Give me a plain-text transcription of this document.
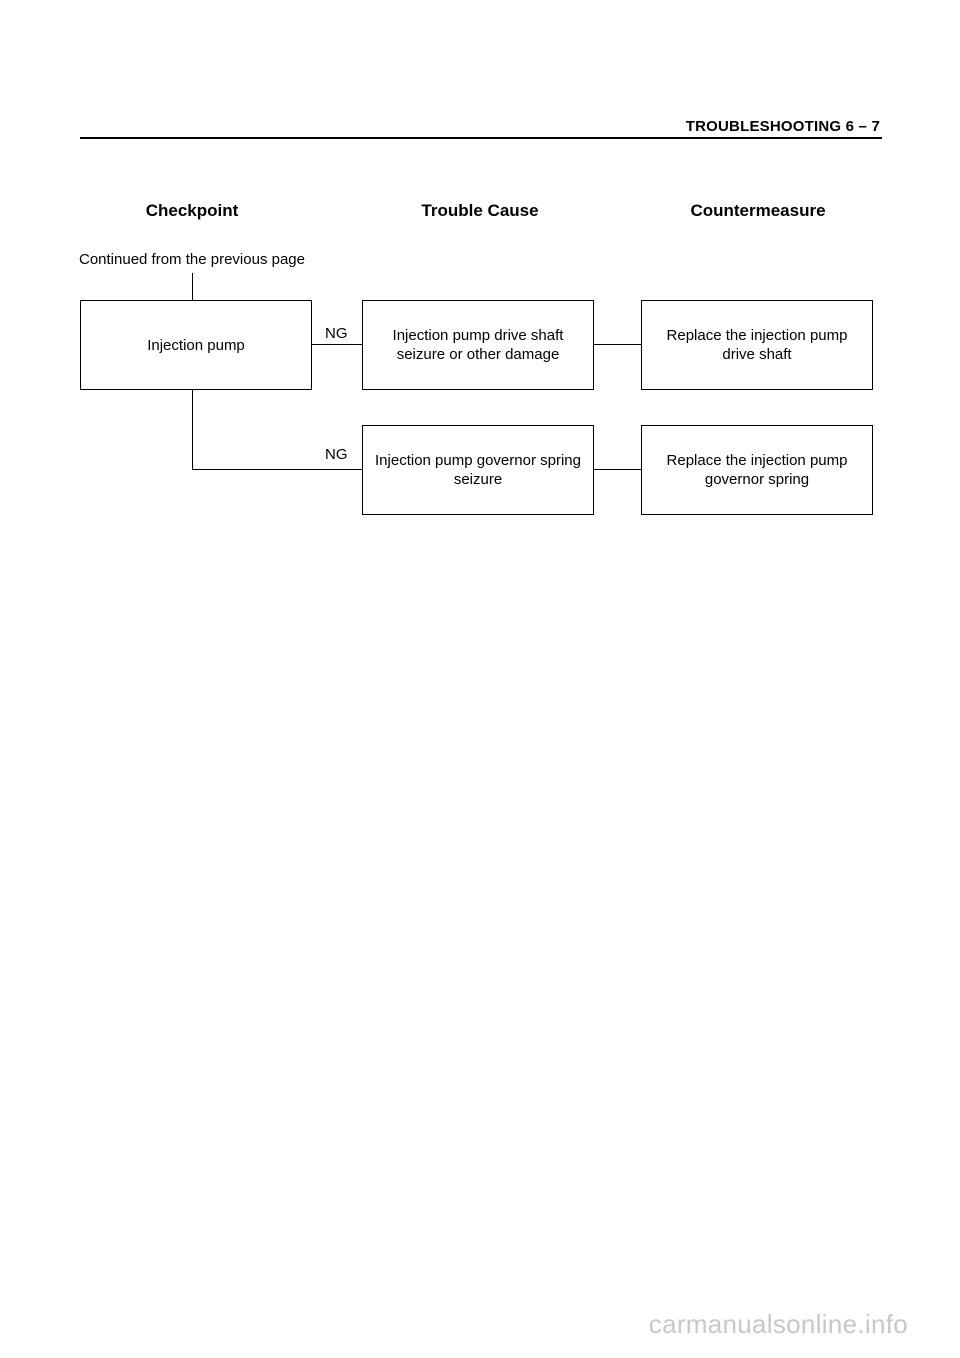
TROUBLESHOOTING 6 – 7
Checkpoint	Trouble Cause	Countermeasure
Continued from the previous page
NG
NG
Injection pump
Injection pump drive shaft seizure or other damage
Replace the injection pump drive shaft
Injection pump governor spring seizure
Replace the injection pump governor spring
carmanualsonline.info
